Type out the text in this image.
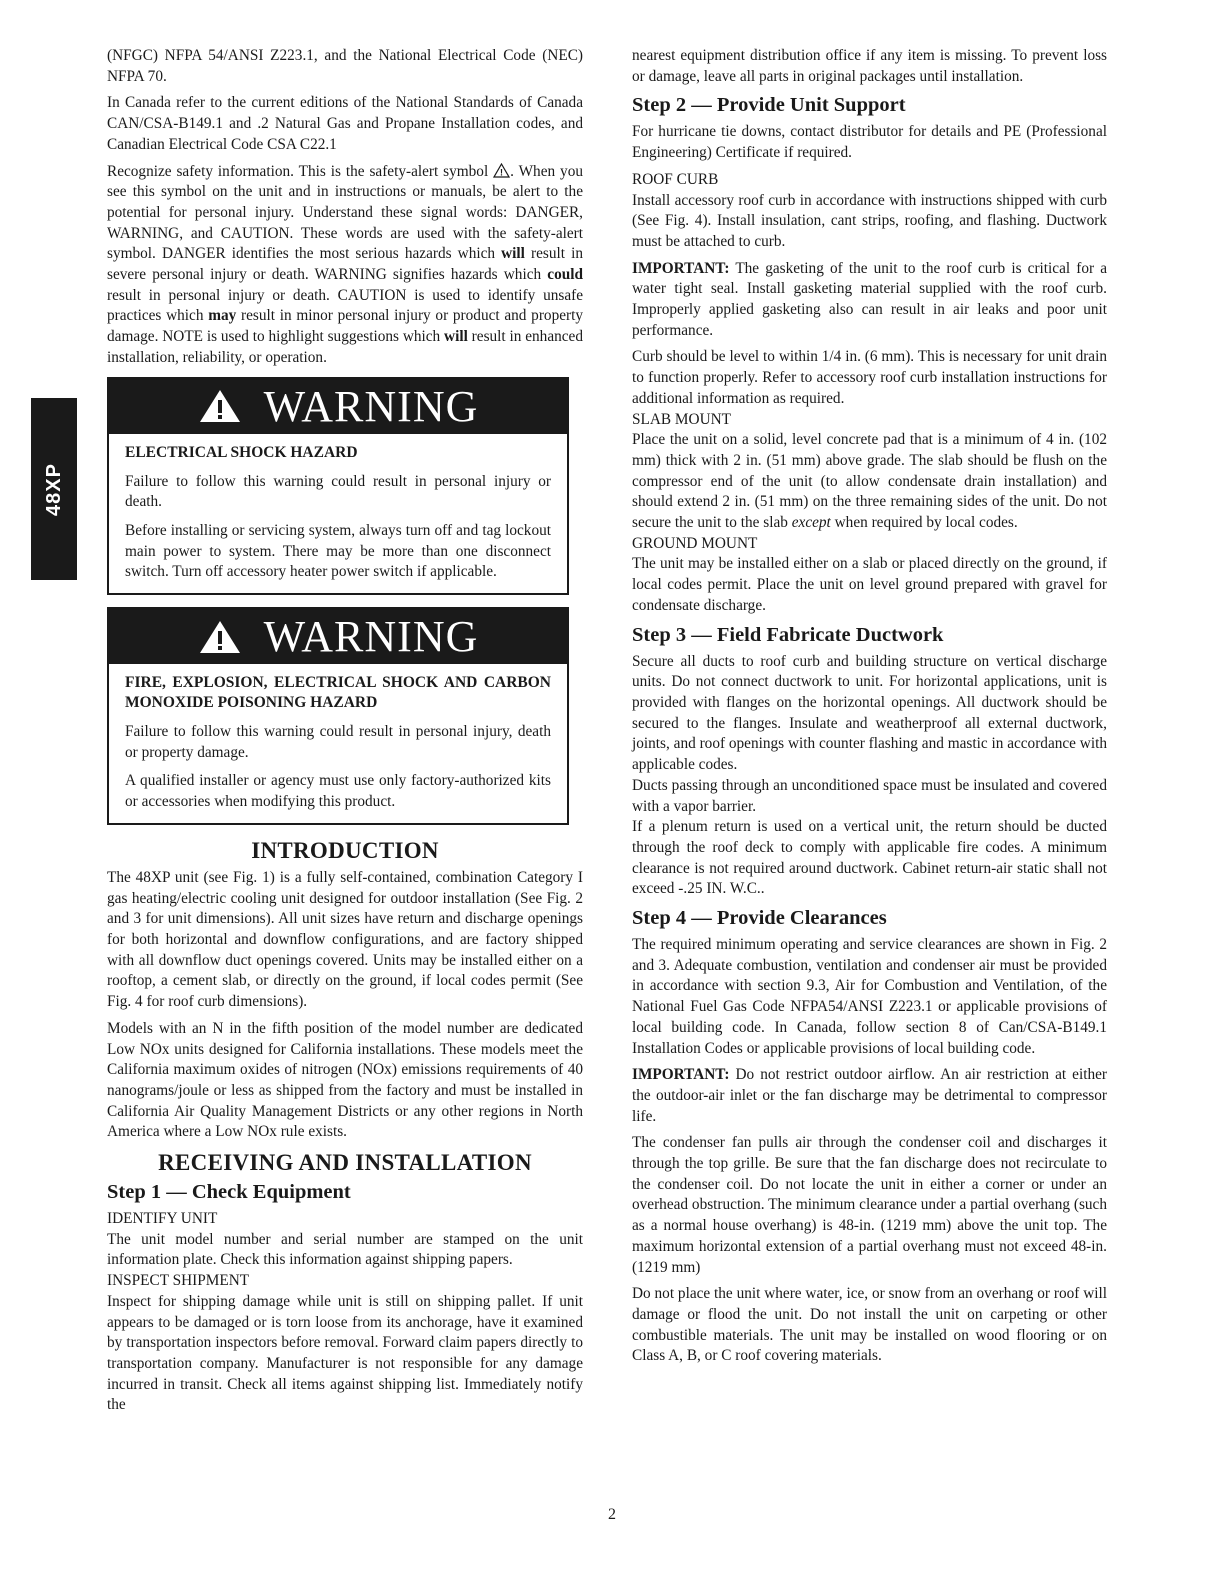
48XP

(NFGC) NFPA 54/ANSI Z223.1, and the National Electrical Code (NEC) NFPA 70.

In Canada refer to the current editions of the National Standards of Canada CAN/CSA-B149.1 and .2 Natural Gas and Propane Installation codes, and Canadian Electrical Code CSA C22.1

Recognize safety information. This is the safety-alert symbol ! . When you see this symbol on the unit and in instructions or manuals, be alert to the potential for personal injury. Understand these signal words: DANGER, WARNING, and CAUTION. These words are used with the safety-alert symbol. DANGER identifies the most serious hazards which will result in severe personal injury or death. WARNING signifies hazards which could result in personal injury or death. CAUTION is used to identify unsafe practices which may result in minor personal injury or product and property damage. NOTE is used to highlight suggestions which will result in enhanced installation, reliability, or operation.

WARNING
ELECTRICAL SHOCK HAZARD

Failure to follow this warning could result in personal injury or death.

Before installing or servicing system, always turn off and tag lockout main power to system. There may be more than one disconnect switch. Turn off accessory heater power switch if applicable.

WARNING
FIRE, EXPLOSION, ELECTRICAL SHOCK AND CARBON MONOXIDE POISONING HAZARD

Failure to follow this warning could result in personal injury, death or property damage.

A qualified installer or agency must use only factory-authorized kits or accessories when modifying this product.

INTRODUCTION

The 48XP unit (see Fig. 1) is a fully self-contained, combination Category I gas heating/electric cooling unit designed for outdoor installation (See Fig. 2 and 3 for unit dimensions). All unit sizes have return and discharge openings for both horizontal and downflow configurations, and are factory shipped with all downflow duct openings covered. Units may be installed either on a rooftop, a cement slab, or directly on the ground, if local codes permit (See Fig. 4 for roof curb dimensions).

Models with an N in the fifth position of the model number are dedicated Low NOx units designed for California installations. These models meet the California maximum oxides of nitrogen (NOx) emissions requirements of 40 nanograms/joule or less as shipped from the factory and must be installed in California Air Quality Management Districts or any other regions in North America where a Low NOx rule exists.

RECEIVING AND INSTALLATION
Step 1 — Check Equipment
IDENTIFY UNIT

The unit model number and serial number are stamped on the unit information plate. Check this information against shipping papers.

INSPECT SHIPMENT

Inspect for shipping damage while unit is still on shipping pallet. If unit appears to be damaged or is torn loose from its anchorage, have it examined by transportation inspectors before removal. Forward claim papers directly to transportation company. Manufacturer is not responsible for any damage incurred in transit. Check all items against shipping list. Immediately notify the

nearest equipment distribution office if any item is missing. To prevent loss or damage, leave all parts in original packages until installation.

Step 2 — Provide Unit Support

For hurricane tie downs, contact distributor for details and PE (Professional Engineering) Certificate if required.

ROOF CURB

Install accessory roof curb in accordance with instructions shipped with curb (See Fig. 4). Install insulation, cant strips, roofing, and flashing. Ductwork must be attached to curb.

IMPORTANT: The gasketing of the unit to the roof curb is critical for a water tight seal. Install gasketing material supplied with the roof curb. Improperly applied gasketing also can result in air leaks and poor unit performance.

Curb should be level to within 1/4 in. (6 mm). This is necessary for unit drain to function properly. Refer to accessory roof curb installation instructions for additional information as required.

SLAB MOUNT

Place the unit on a solid, level concrete pad that is a minimum of 4 in. (102 mm) thick with 2 in. (51 mm) above grade. The slab should be flush on the compressor end of the unit (to allow condensate drain installation) and should extend 2 in. (51 mm) on the three remaining sides of the unit. Do not secure the unit to the slab except when required by local codes.

GROUND MOUNT

The unit may be installed either on a slab or placed directly on the ground, if local codes permit. Place the unit on level ground prepared with gravel for condensate discharge.

Step 3 — Field Fabricate Ductwork

Secure all ducts to roof curb and building structure on vertical discharge units. Do not connect ductwork to unit. For horizontal applications, unit is provided with flanges on the horizontal openings. All ductwork should be secured to the flanges. Insulate and weatherproof all external ductwork, joints, and roof openings with counter flashing and mastic in accordance with applicable codes.

Ducts passing through an unconditioned space must be insulated and covered with a vapor barrier.

If a plenum return is used on a vertical unit, the return should be ducted through the roof deck to comply with applicable fire codes. A minimum clearance is not required around ductwork. Cabinet return-air static shall not exceed -.25 IN. W.C..

Step 4 — Provide Clearances

The required minimum operating and service clearances are shown in Fig. 2 and 3. Adequate combustion, ventilation and condenser air must be provided in accordance with section 9.3, Air for Combustion and Ventilation, of the National Fuel Gas Code NFPA54/ANSI Z223.1 or applicable provisions of local building code. In Canada, follow section 8 of Can/CSA-B149.1 Installation Codes or applicable provisions of local building code.

IMPORTANT: Do not restrict outdoor airflow. An air restriction at either the outdoor-air inlet or the fan discharge may be detrimental to compressor life.

The condenser fan pulls air through the condenser coil and discharges it through the top grille. Be sure that the fan discharge does not recirculate to the condenser coil. Do not locate the unit in either a corner or under an overhead obstruction. The minimum clearance under a partial overhang (such as a normal house overhang) is 48-in. (1219 mm) above the unit top. The maximum horizontal extension of a partial overhang must not exceed 48-in. (1219 mm)

Do not place the unit where water, ice, or snow from an overhang or roof will damage or flood the unit. Do not install the unit on carpeting or other combustible materials. The unit may be installed on wood flooring or on Class A, B, or C roof covering materials.

2
